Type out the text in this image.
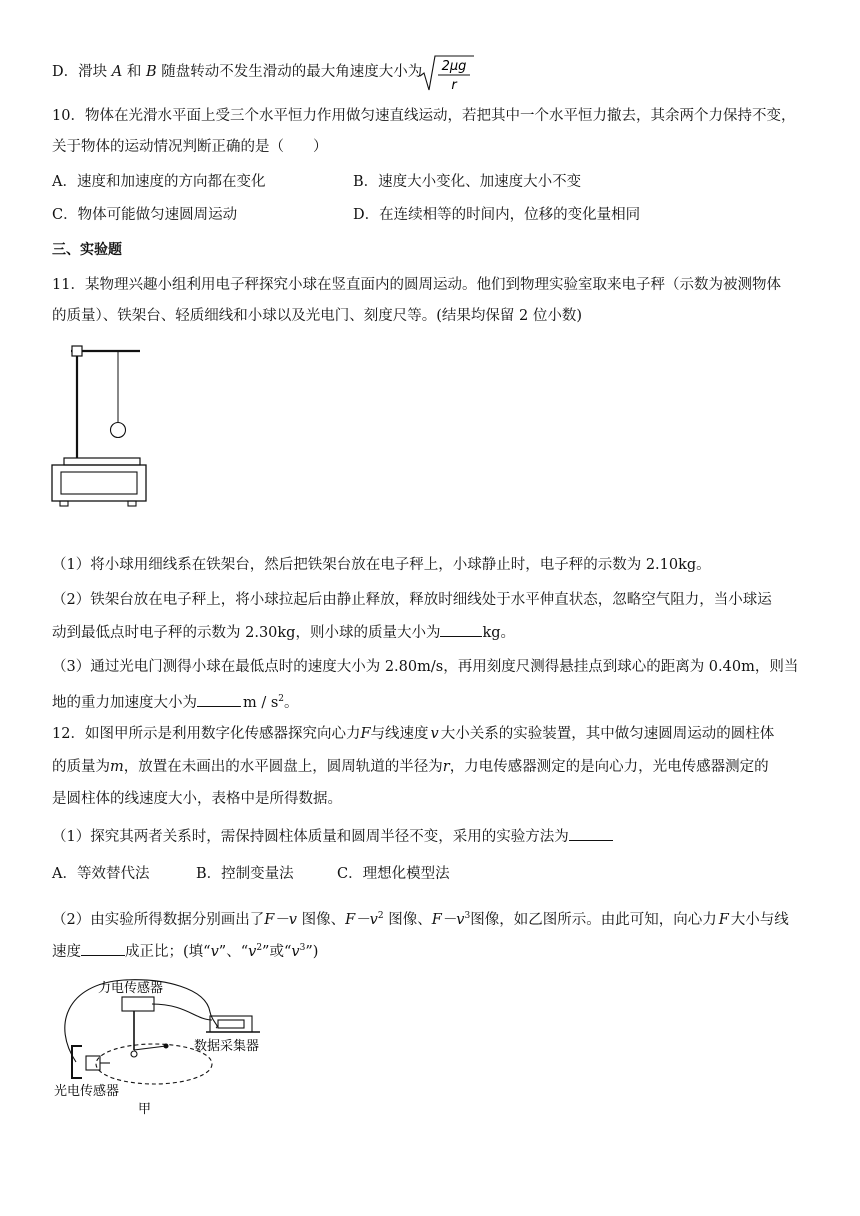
D．滑块 A 和 B 随盘转动不发生滑动的最大角速度大小为 2μg
r
10．物体在光滑水平面上受三个水平恒力作用做匀速直线运动，若把其中一个水平恒力撤去，其余两个力保持不变，
关于物体的运动情况判断正确的是（　　）
A．速度和加速度的方向都在变化	B．速度大小变化、加速度大小不变
C．物体可能做匀速圆周运动	D．在连续相等的时间内，位移的变化量相同
三、实验题
11．某物理兴趣小组利用电子秤探究小球在竖直面内的圆周运动。他们到物理实验室取来电子秤（示数为被测物体
的质量）、铁架台、轻质细线和小球以及光电门、刻度尺等。(结果均保留 2 位小数)
（1）将小球用细线系在铁架台，然后把铁架台放在电子秤上，小球静止时，电子秤的示数为 2.10kg。
（2）铁架台放在电子秤上，将小球拉起后由静止释放，释放时细线处于水平伸直状态，忽略空气阻力，当小球运
动到最低点时电子秤的示数为 2.30kg，则小球的质量大小为	kg。
（3）通过光电门测得小球在最低点时的速度大小为 2.80m/s，再用刻度尺测得悬挂点到球心的距离为 0.40m，则当
地的重力加速度大小为	m / $s^2$。
12．如图甲所示是利用数字化传感器探究向心力F与线速度 v 大小关系的实验装置，其中做匀速圆周运动的圆柱体
的质量为m，放置在未画出的水平圆盘上，圆周轨道的半径为r，力电传感器测定的是向心力，光电传感器测定的
是圆柱体的线速度大小，表格中是所得数据。
（1）探究其两者关系时，需保持圆柱体质量和圆周半径不变，采用的实验方法为
A．等效替代法	B．控制变量法	C．理想化模型法
（2）由实验所得数据分别画出了F－v 图像、$F-v^2$ 图像、$F-v^3$图像，如乙图所示。由此可知，向心力 F 大小与线
速度	成正比；(填“v”、“$v^2$”或“$v^3$”)
力电传感器
数据采集器
光电传感器
甲
